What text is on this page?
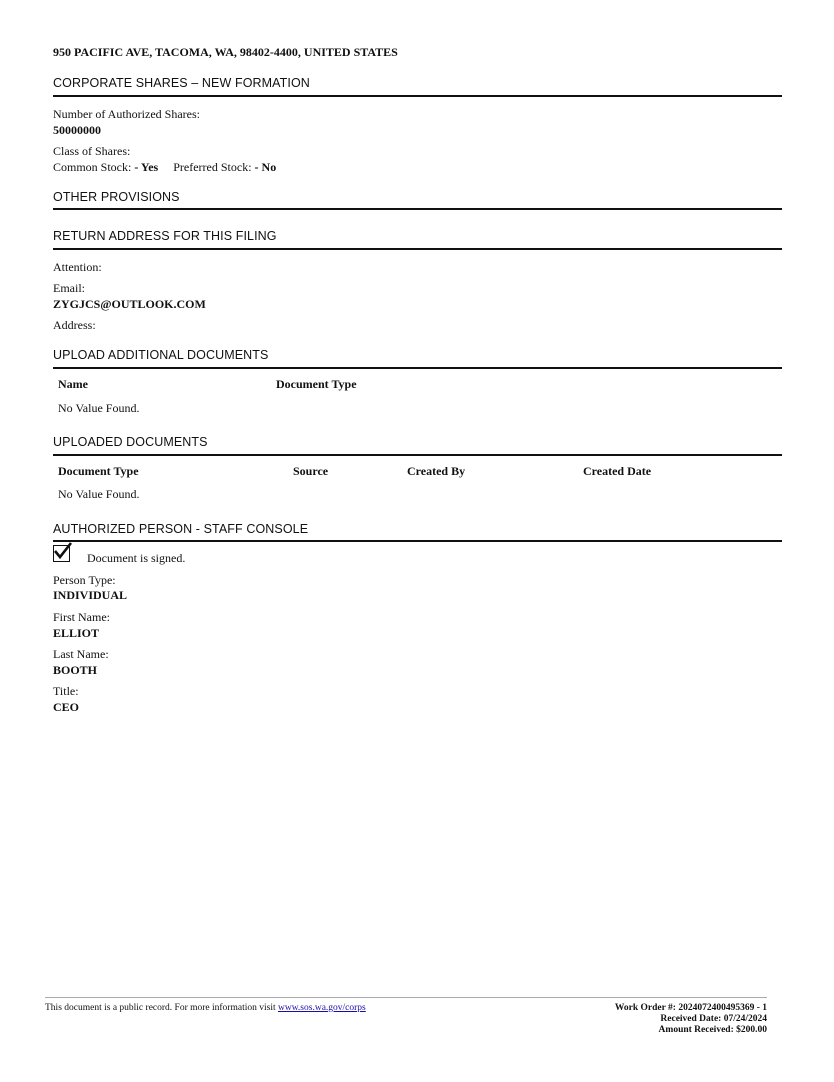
950 PACIFIC AVE, TACOMA, WA, 98402-4400, UNITED STATES
CORPORATE SHARES – NEW FORMATION
Number of Authorized Shares:
50000000
Class of Shares:
Common Stock: - Yes Preferred Stock: - No
OTHER PROVISIONS
RETURN ADDRESS FOR THIS FILING
Attention:
Email:
ZYGJCS@OUTLOOK.COM
Address:
UPLOAD ADDITIONAL DOCUMENTS
Name	Document Type
No Value Found.
UPLOADED DOCUMENTS
Document Type	Source	Created By	Created Date
No Value Found.
AUTHORIZED PERSON - STAFF CONSOLE
Document is signed.
Person Type:
INDIVIDUAL
First Name:
ELLIOT
Last Name:
BOOTH
Title:
CEO
This document is a public record. For more information visit www.sos.wa.gov/corps	Work Order #: 2024072400495369 - 1
Received Date: 07/24/2024
Amount Received: $200.00
